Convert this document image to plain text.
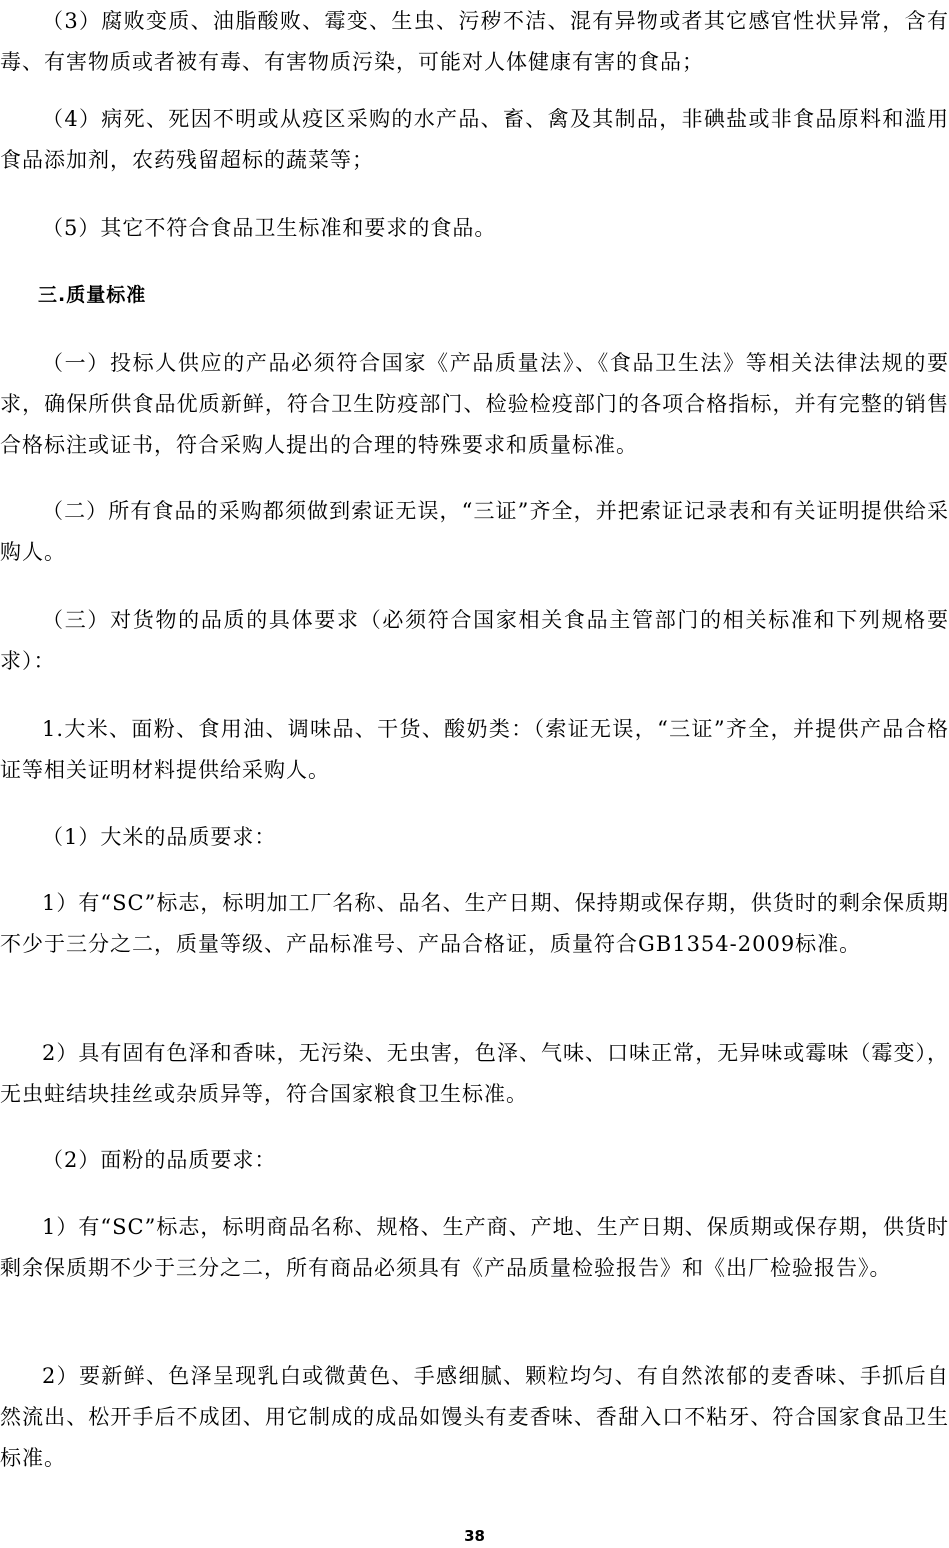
（3）腐败变质、油脂酸败、霉变、生虫、污秽不洁、混有异物或者其它感官性状异常，含有毒、有害物质或者被有毒、有害物质污染，可能对人体健康有害的食品；

（4）病死、死因不明或从疫区采购的水产品、畜、禽及其制品，非碘盐或非食品原料和滥用食品添加剂，农药残留超标的蔬菜等；

（5）其它不符合食品卫生标准和要求的食品。

三.质量标准

（一）投标人供应的产品必须符合国家《产品质量法》、《食品卫生法》等相关法律法规的要求，确保所供食品优质新鲜，符合卫生防疫部门、检验检疫部门的各项合格指标，并有完整的销售合格标注或证书，符合采购人提出的合理的特殊要求和质量标准。

（二）所有食品的采购都须做到索证无误，“三证”齐全，并把索证记录表和有关证明提供给采购人。

（三）对货物的品质的具体要求（必须符合国家相关食品主管部门的相关标准和下列规格要求）：

1.大米、面粉、食用油、调味品、干货、酸奶类：（索证无误，“三证”齐全，并提供产品合格证等相关证明材料提供给采购人。

（1）大米的品质要求：

1）有“SC”标志，标明加工厂名称、品名、生产日期、保持期或保存期，供货时的剩余保质期不少于三分之二，质量等级、产品标准号、产品合格证，质量符合GB1354-2009标准。

2）具有固有色泽和香味，无污染、无虫害，色泽、气味、口味正常，无异味或霉味（霉变），无虫蛀结块挂丝或杂质异等，符合国家粮食卫生标准。

（2）面粉的品质要求：

1）有“SC”标志，标明商品名称、规格、生产商、产地、生产日期、保质期或保存期，供货时剩余保质期不少于三分之二，所有商品必须具有《产品质量检验报告》和《出厂检验报告》。

2）要新鲜、色泽呈现乳白或微黄色、手感细腻、颗粒均匀、有自然浓郁的麦香味、手抓后自然流出、松开手后不成团、用它制成的成品如馒头有麦香味、香甜入口不粘牙、符合国家食品卫生标准。

38
